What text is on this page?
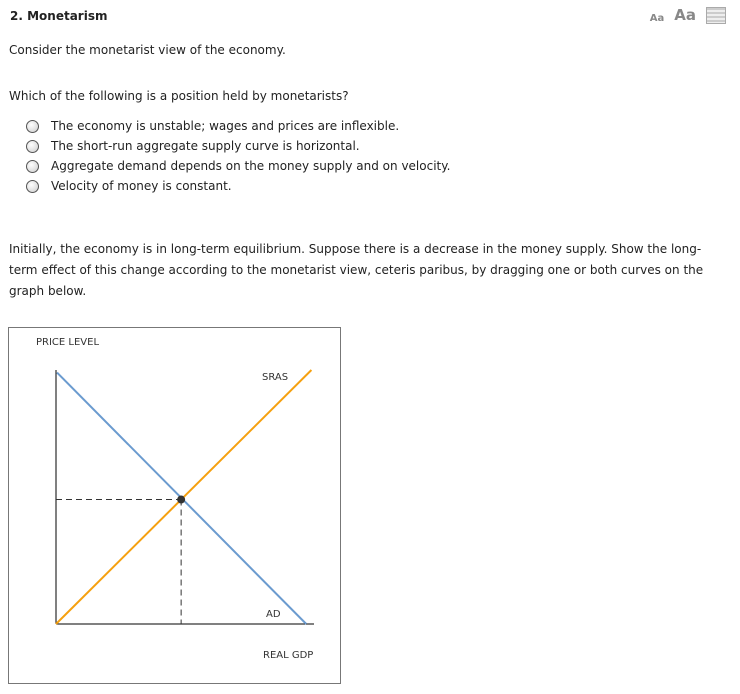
2. Monetarism	Aa Aa
Consider the monetarist view of the economy.
Which of the following is a position held by monetarists?
The economy is unstable; wages and prices are inflexible.
The short-run aggregate supply curve is horizontal.
Aggregate demand depends on the money supply and on velocity.
Velocity of money is constant.
Initially, the economy is in long-term equilibrium. Suppose there is a decrease in the money supply. Show the long-term effect of this change according to the monetarist view, ceteris paribus, by dragging one or both curves on the graph below.
PRICE LEVEL
REAL GDP
SRAS
AD
